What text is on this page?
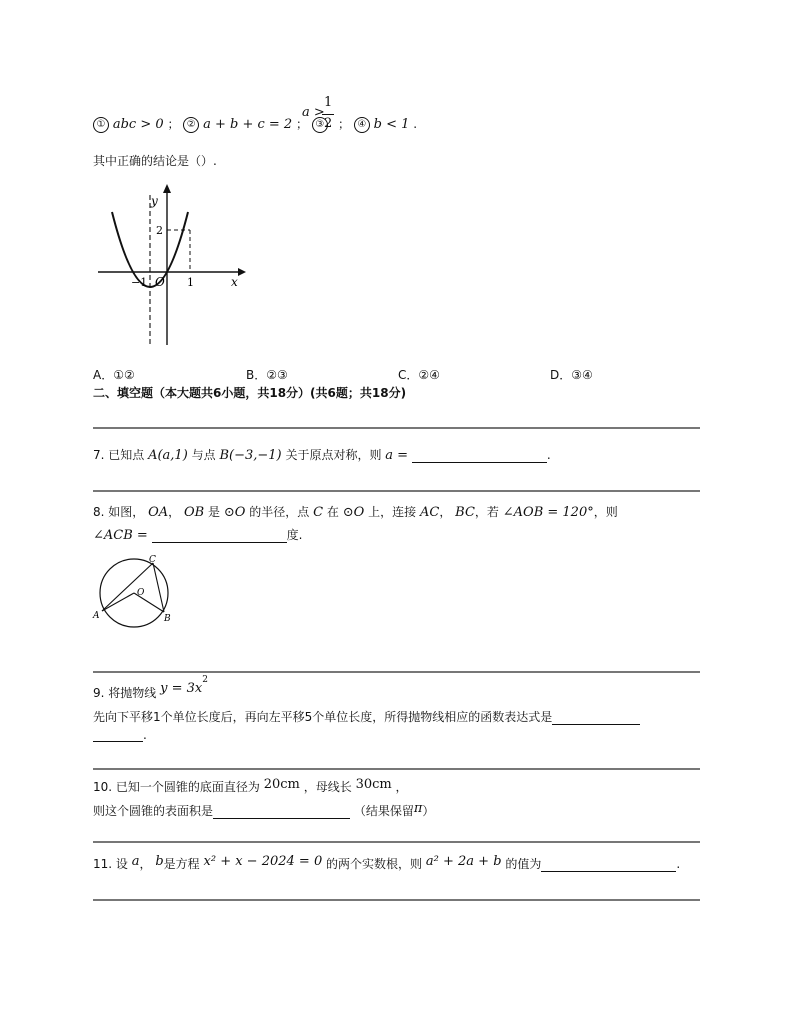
① abc > 0 ； ② a + b + c = 2 ； ③
a >
1
2 ； ④ b < 1 .
其中正确的结论是（）.
y
x
O
−1	1
2
A．①②	B．②③	C．②④	D．③④
二、填空题（本大题共6小题，共18分）(共6题；共18分)
7. 已知点 A(a,1) 与点 B(−3,−1) 关于原点对称，则 a =	.
8. 如图， OA， OB 是 ⊙O 的半径，点 C 在 ⊙O 上，连接 AC， BC，若 ∠AOB = 120°，则
∠ACB =	度.
C
O
A	B
9. 将抛物线 $y = 3x^2$
先向下平移1个单位长度后，再向左平移5个单位长度，所得抛物线相应的函数表达式是
.
10. 已知一个圆锥的底面直径为 20cm ，母线长 30cm ，
则这个圆锥的表面积是	（结果保留π）
11. 设 a， b是方程 x² + x − 2024 = 0 的两个实数根，则 a² + 2a + b 的值为	.
